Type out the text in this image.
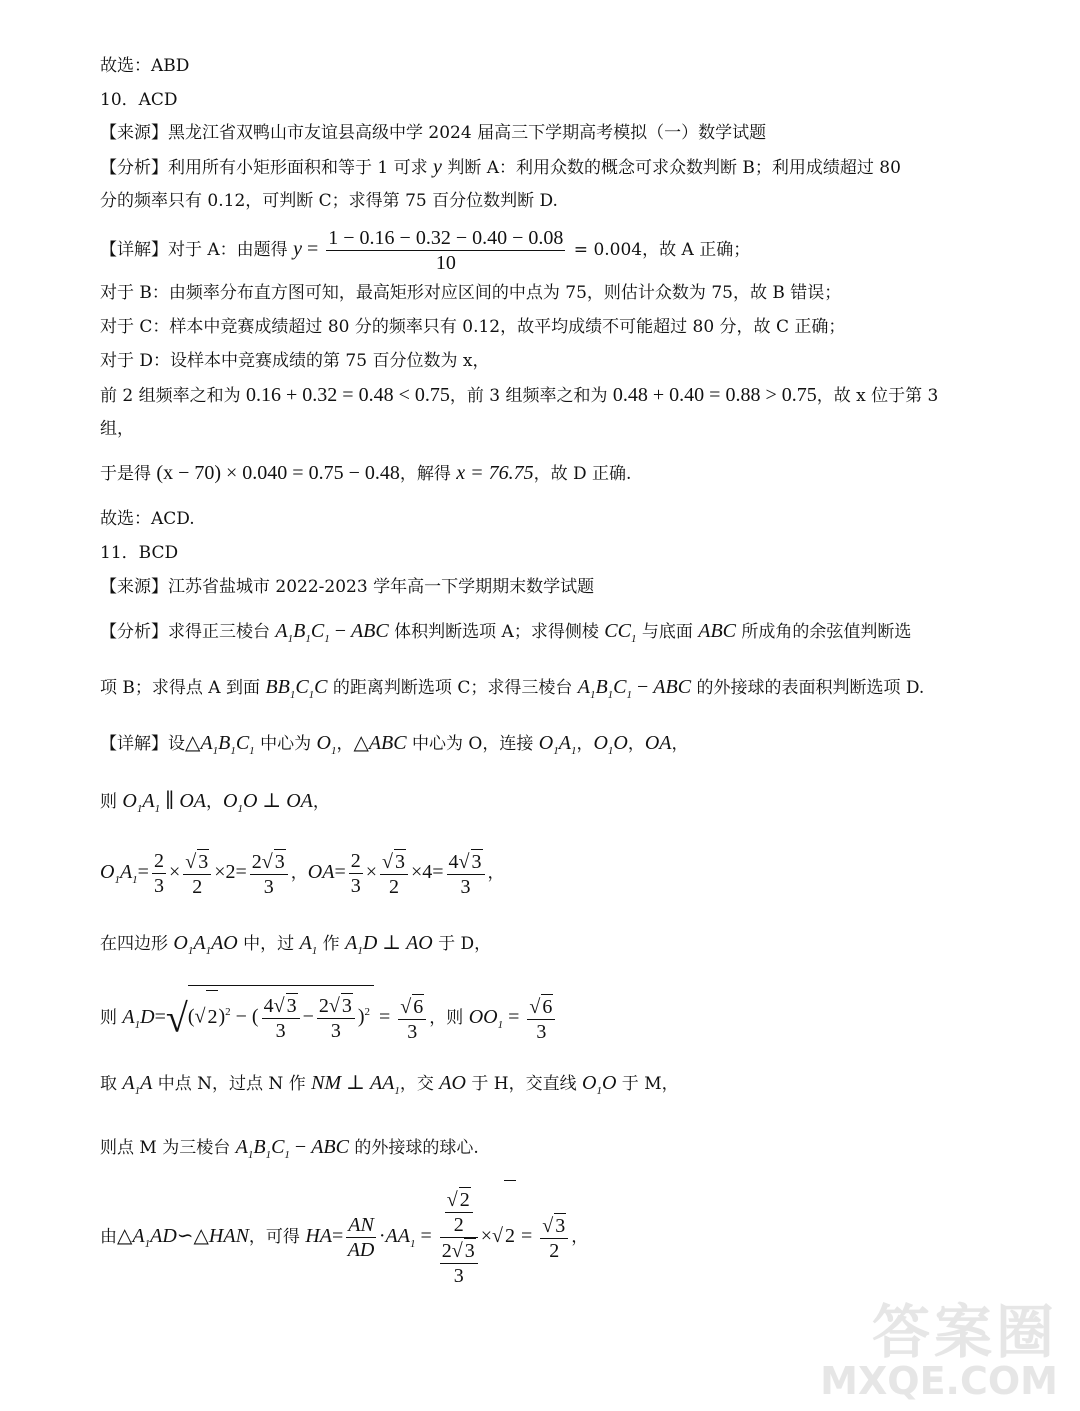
故选：ABD
10．ACD
【来源】黑龙江省双鸭山市友谊县高级中学 2024 届高三下学期高考模拟（一）数学试题
【分析】利用所有小矩形面积和等于 1 可求 y 判断 A：利用众数的概念可求众数判断 B；利用成绩超过 80
分的频率只有 0.12，可判断 C；求得第 75 百分位数判断 D.
【详解】对于 A：由题得 $y = \frac{1 - 0.16 - 0.32 - 0.40 - 0.08}{10} = 0.004$，故 A 正确；
对于 B：由频率分布直方图可知，最高矩形对应区间的中点为 75，则估计众数为 75，故 B 错误；
对于 C：样本中竞赛成绩超过 80 分的频率只有 0.12，故平均成绩不可能超过 80 分，故 C 正确；
对于 D：设样本中竞赛成绩的第 75 百分位数为 x，
前 2 组频率之和为 0.16 + 0.32 = 0.48 < 0.75，前 3 组频率之和为 0.48 + 0.40 = 0.88 > 0.75，故 x 位于第 3
组，
于是得 (x − 70) × 0.040 = 0.75 − 0.48，解得 x = 76.75，故 D 正确.
故选：ACD.
11．BCD
【来源】江苏省盐城市 2022-2023 学年高一下学期期末数学试题
【分析】求得正三棱台 $A_1B_1C_1$ − ABC 体积判断选项 A；求得侧棱 $CC_1$ 与底面 ABC 所成角的余弦值判断选
项 B；求得点 A 到面 $BB_1C_1C$ 的距离判断选项 C；求得三棱台 $A_1B_1C_1$ − ABC 的外接球的表面积判断选项 D.
【详解】设$\triangle A_1B_1C_1$ 中心为 $O_1$，△ABC 中心为 O，连接 $O_1A_1$，$O_1O$，OA，
则 $O_1A_1$ ∥ OA，$O_1O$ ⊥ OA，
$O_1A_1= \frac{2}{3} \times \frac{√ 3}{2} \times 2= \frac{2√ 3}{3}$ ，$OA= \frac{2}{3} \times \frac{√ 3}{2} \times 4= \frac{4√ 3}{3}$ ，
在四边形 $O_1A_1AO$ 中，过 $A_1$ 作 $A_1D$ ⊥ AO 于 D，
则 $A_1D=√(√$ 2)$^2$ − ( $\frac{4√ 3}{3} - \frac{2√ 3}{3} )^2 = \frac{√ 6}{3}$ ，则 $OO_1 = \frac{√ 6}{3}$
取 $A_1A$ 中点 N，过点 N 作 NM ⊥ $AA_1$，交 AO 于 H，交直线 $O_1O$ 于 M，
则点 M 为三棱台 $A_1B_1C_1$ − ABC 的外接球的球心.
由$\triangle A_1AD∽\triangle HAN$，可得 $HA= \frac{AN}{AD} \cdot AA_1 = \frac{\frac{√ 2}{2}}{\frac{2√ 3}{3}}$ ×√ $2 = \frac{√ 3}{2}$ ，
答案圈
MXQE.COM
